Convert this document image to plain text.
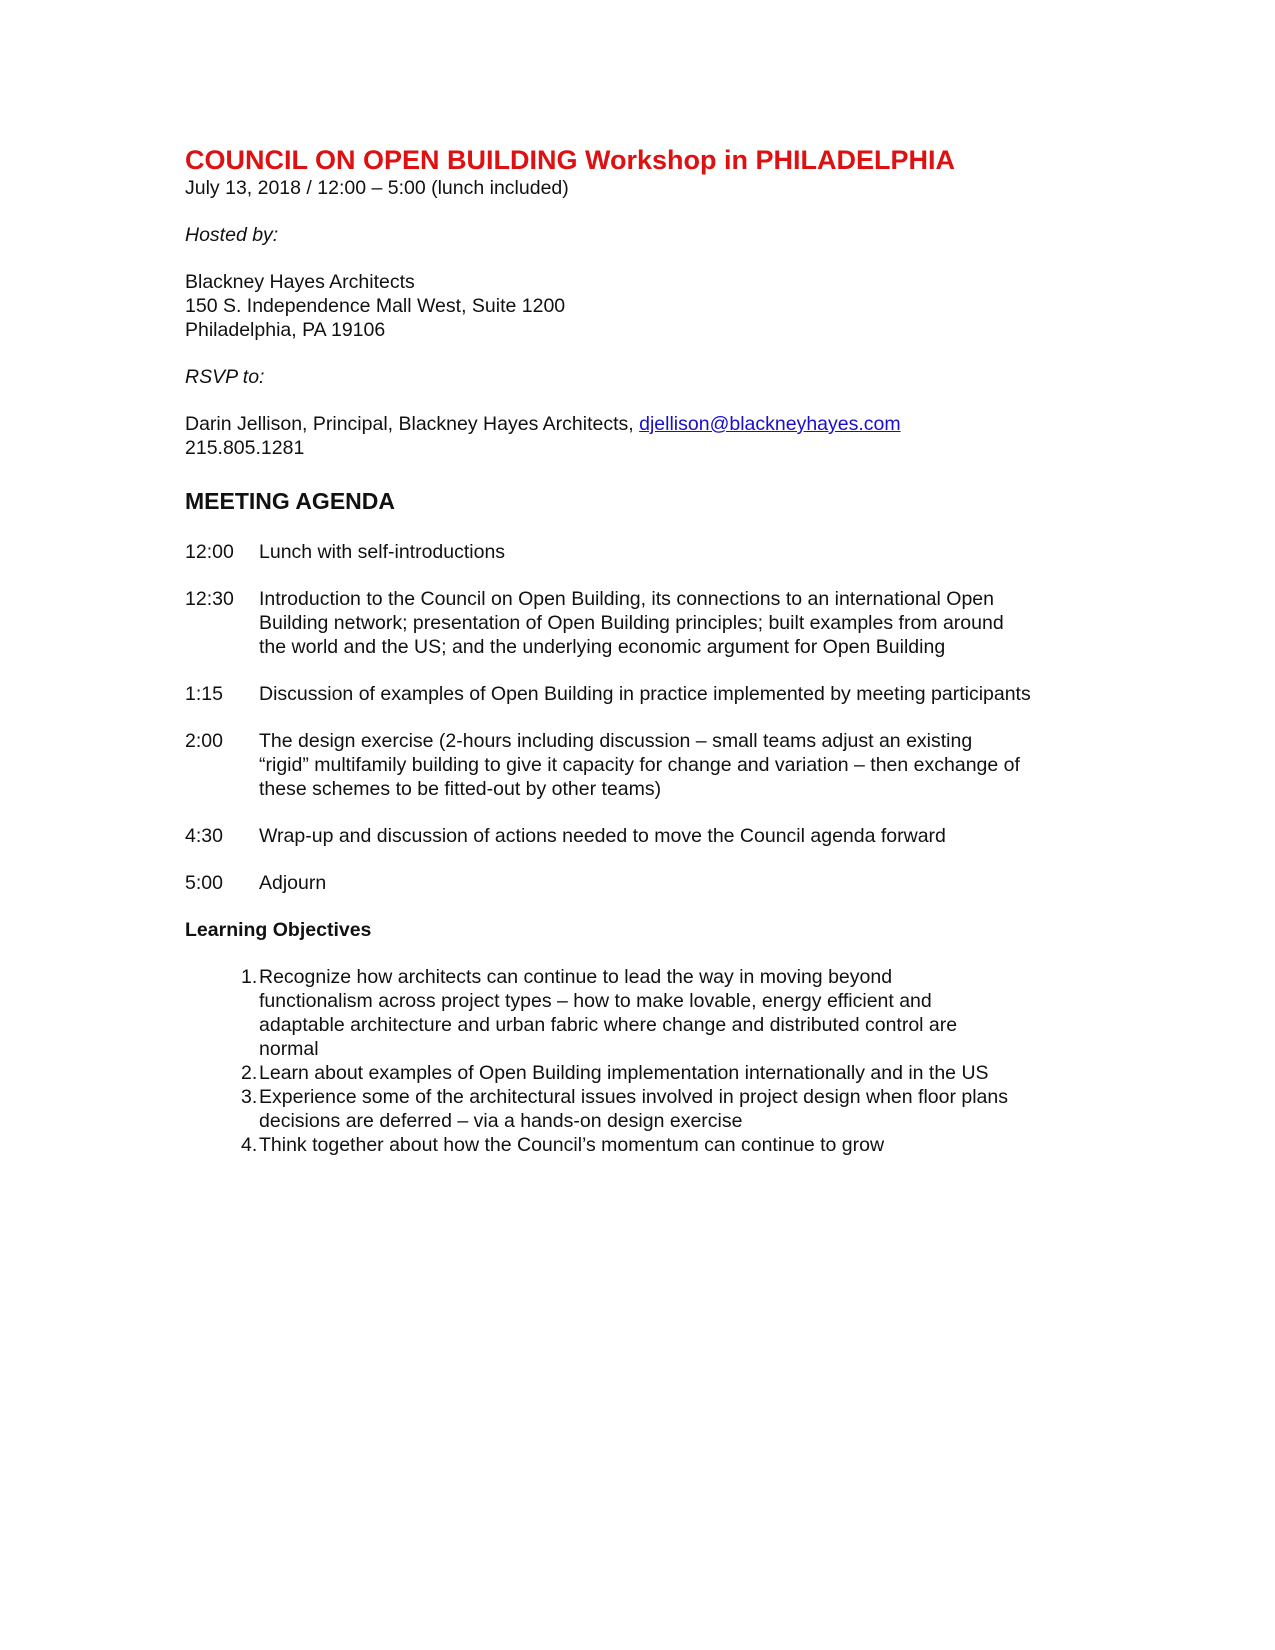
COUNCIL ON OPEN BUILDING Workshop in PHILADELPHIA

July 13, 2018 / 12:00 – 5:00 (lunch included)

Hosted by:

Blackney Hayes Architects

150 S. Independence Mall West, Suite 1200

Philadelphia, PA 19106

RSVP to:

Darin Jellison, Principal, Blackney Hayes Architects, djellison@blackneyhayes.com

215.805.1281

MEETING AGENDA
12:00	Lunch with self-introductions
12:30	Introduction to the Council on Open Building, its connections to an international Open Building network; presentation of Open Building principles; built examples from around the world and the US; and the underlying economic argument for Open Building
1:15	Discussion of examples of Open Building in practice implemented by meeting participants
2:00	The design exercise (2-hours including discussion – small teams adjust an existing “rigid” multifamily building to give it capacity for change and variation – then exchange of these schemes to be fitted-out by other teams)
4:30	Wrap-up and discussion of actions needed to move the Council agenda forward
5:00	Adjourn
Learning Objectives
1. Recognize how architects can continue to lead the way in moving beyond functionalism across project types – how to make lovable, energy efficient and adaptable architecture and urban fabric where change and distributed control are normal
2. Learn about examples of Open Building implementation internationally and in the US
3. Experience some of the architectural issues involved in project design when floor plans decisions are deferred – via a hands-on design exercise
4. Think together about how the Council’s momentum can continue to grow
